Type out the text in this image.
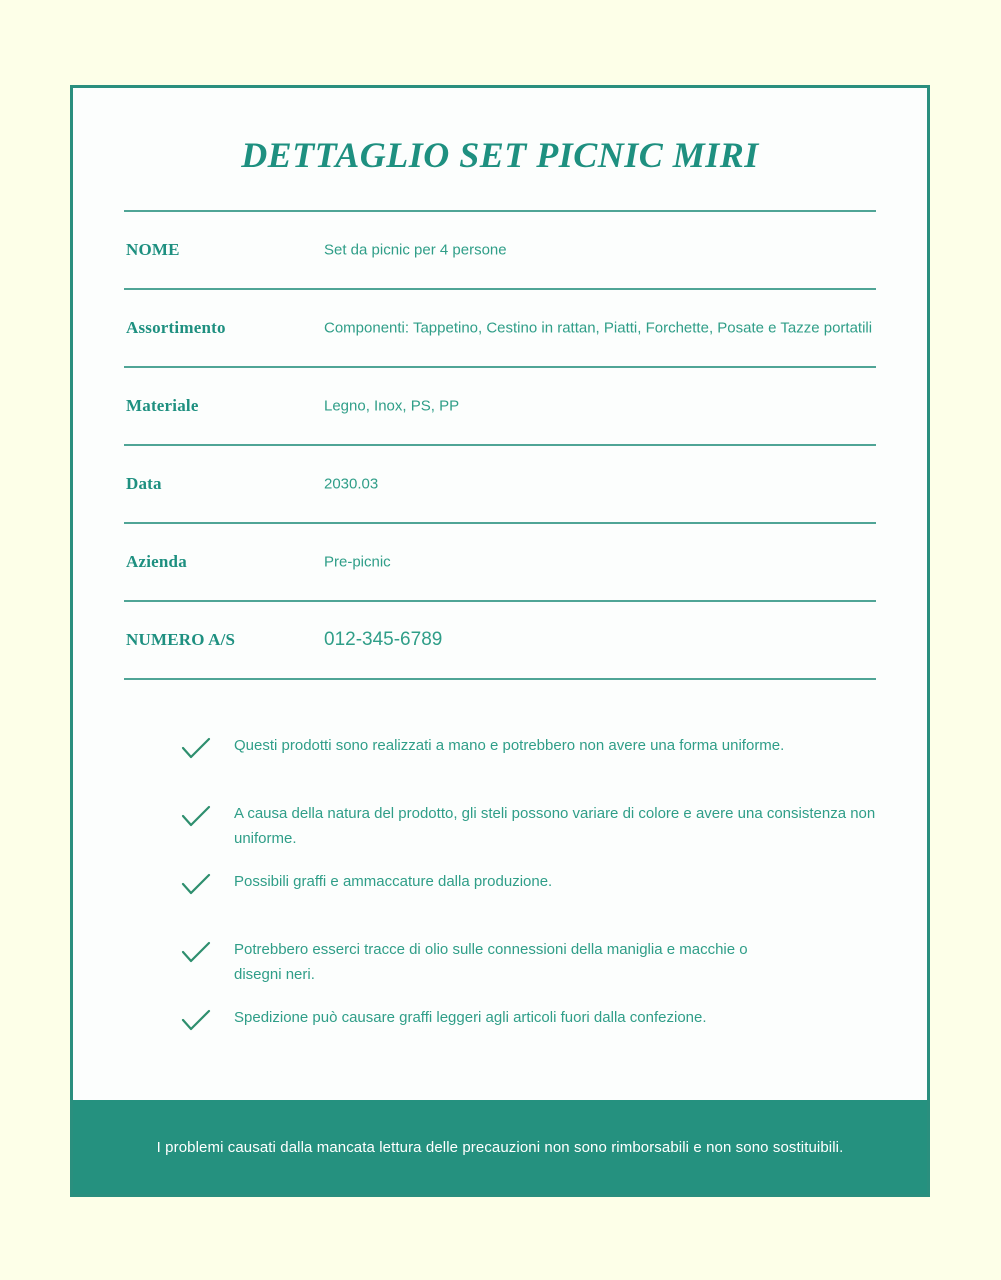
DETTAGLIO SET PICNIC MIRI
NOME	Set da picnic per 4 persone
Assortimento	Componenti: Tappetino, Cestino in rattan, Piatti, Forchette, Posate e Tazze portatili
Materiale	Legno, Inox, PS, PP
Data	2030.03
Azienda	Pre-picnic
NUMERO A/S	012-345-6789
Questi prodotti sono realizzati a mano e potrebbero non avere una forma uniforme.
A causa della natura del prodotto, gli steli possono variare di colore e avere una consistenza non uniforme.
Possibili graffi e ammaccature dalla produzione.
Potrebbero esserci tracce di olio sulle connessioni della maniglia e macchie o disegni neri.
Spedizione può causare graffi leggeri agli articoli fuori dalla confezione.
I problemi causati dalla mancata lettura delle precauzioni non sono rimborsabili e non sono sostituibili.
